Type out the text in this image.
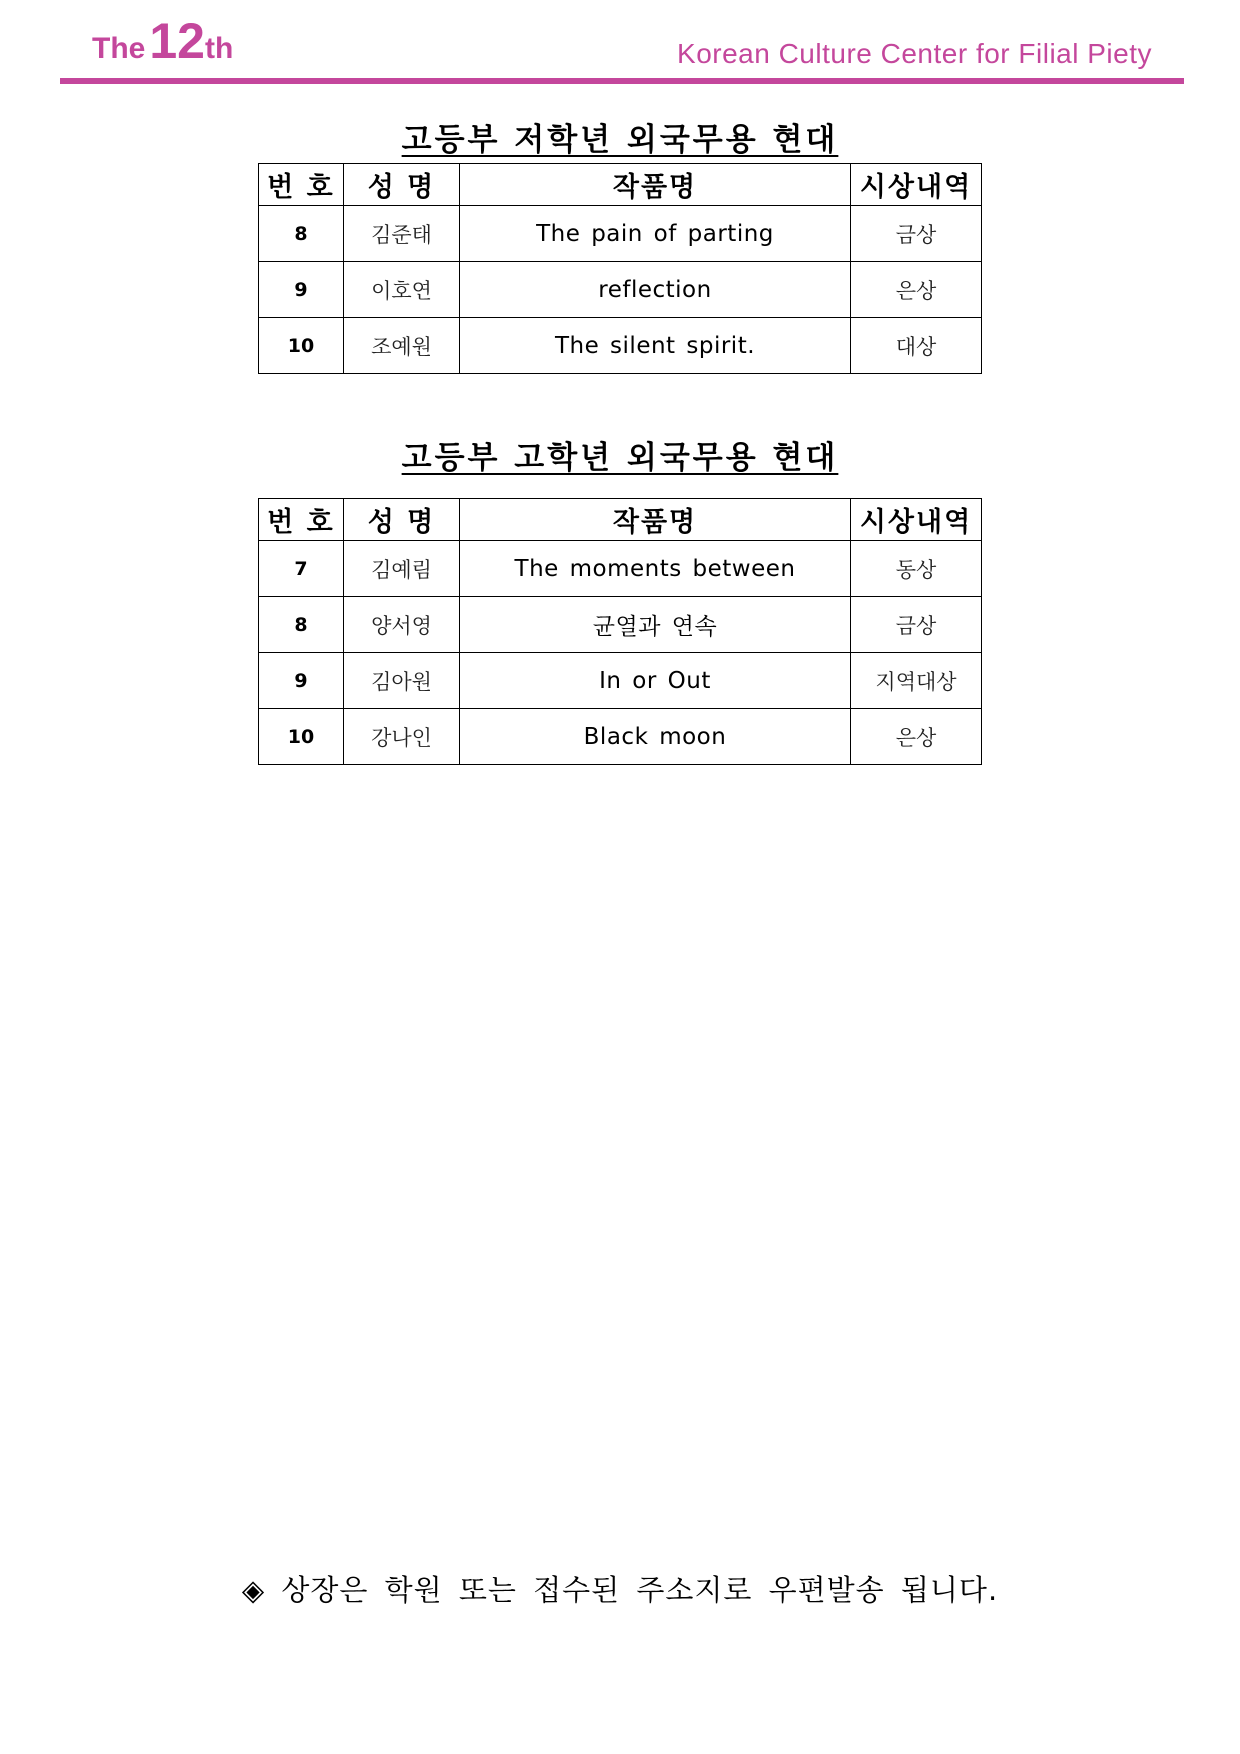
The12th	Korean Culture Center for Filial Piety
고등부 저학년 외국무용 현대
번 호	성 명	작품명	시상내역
8	김준태	The pain of parting	금상
9	이호연	reflection	은상
10	조예원	The silent spirit.	대상
고등부 고학년 외국무용 현대
번 호	성 명	작품명	시상내역
7	김예림	The moments between	동상
8	양서영	균열과 연속	금상
9	김아원	In or Out	지역대상
10	강나인	Black moon	은상
◈ 상장은 학원 또는 접수된 주소지로 우편발송 됩니다.
